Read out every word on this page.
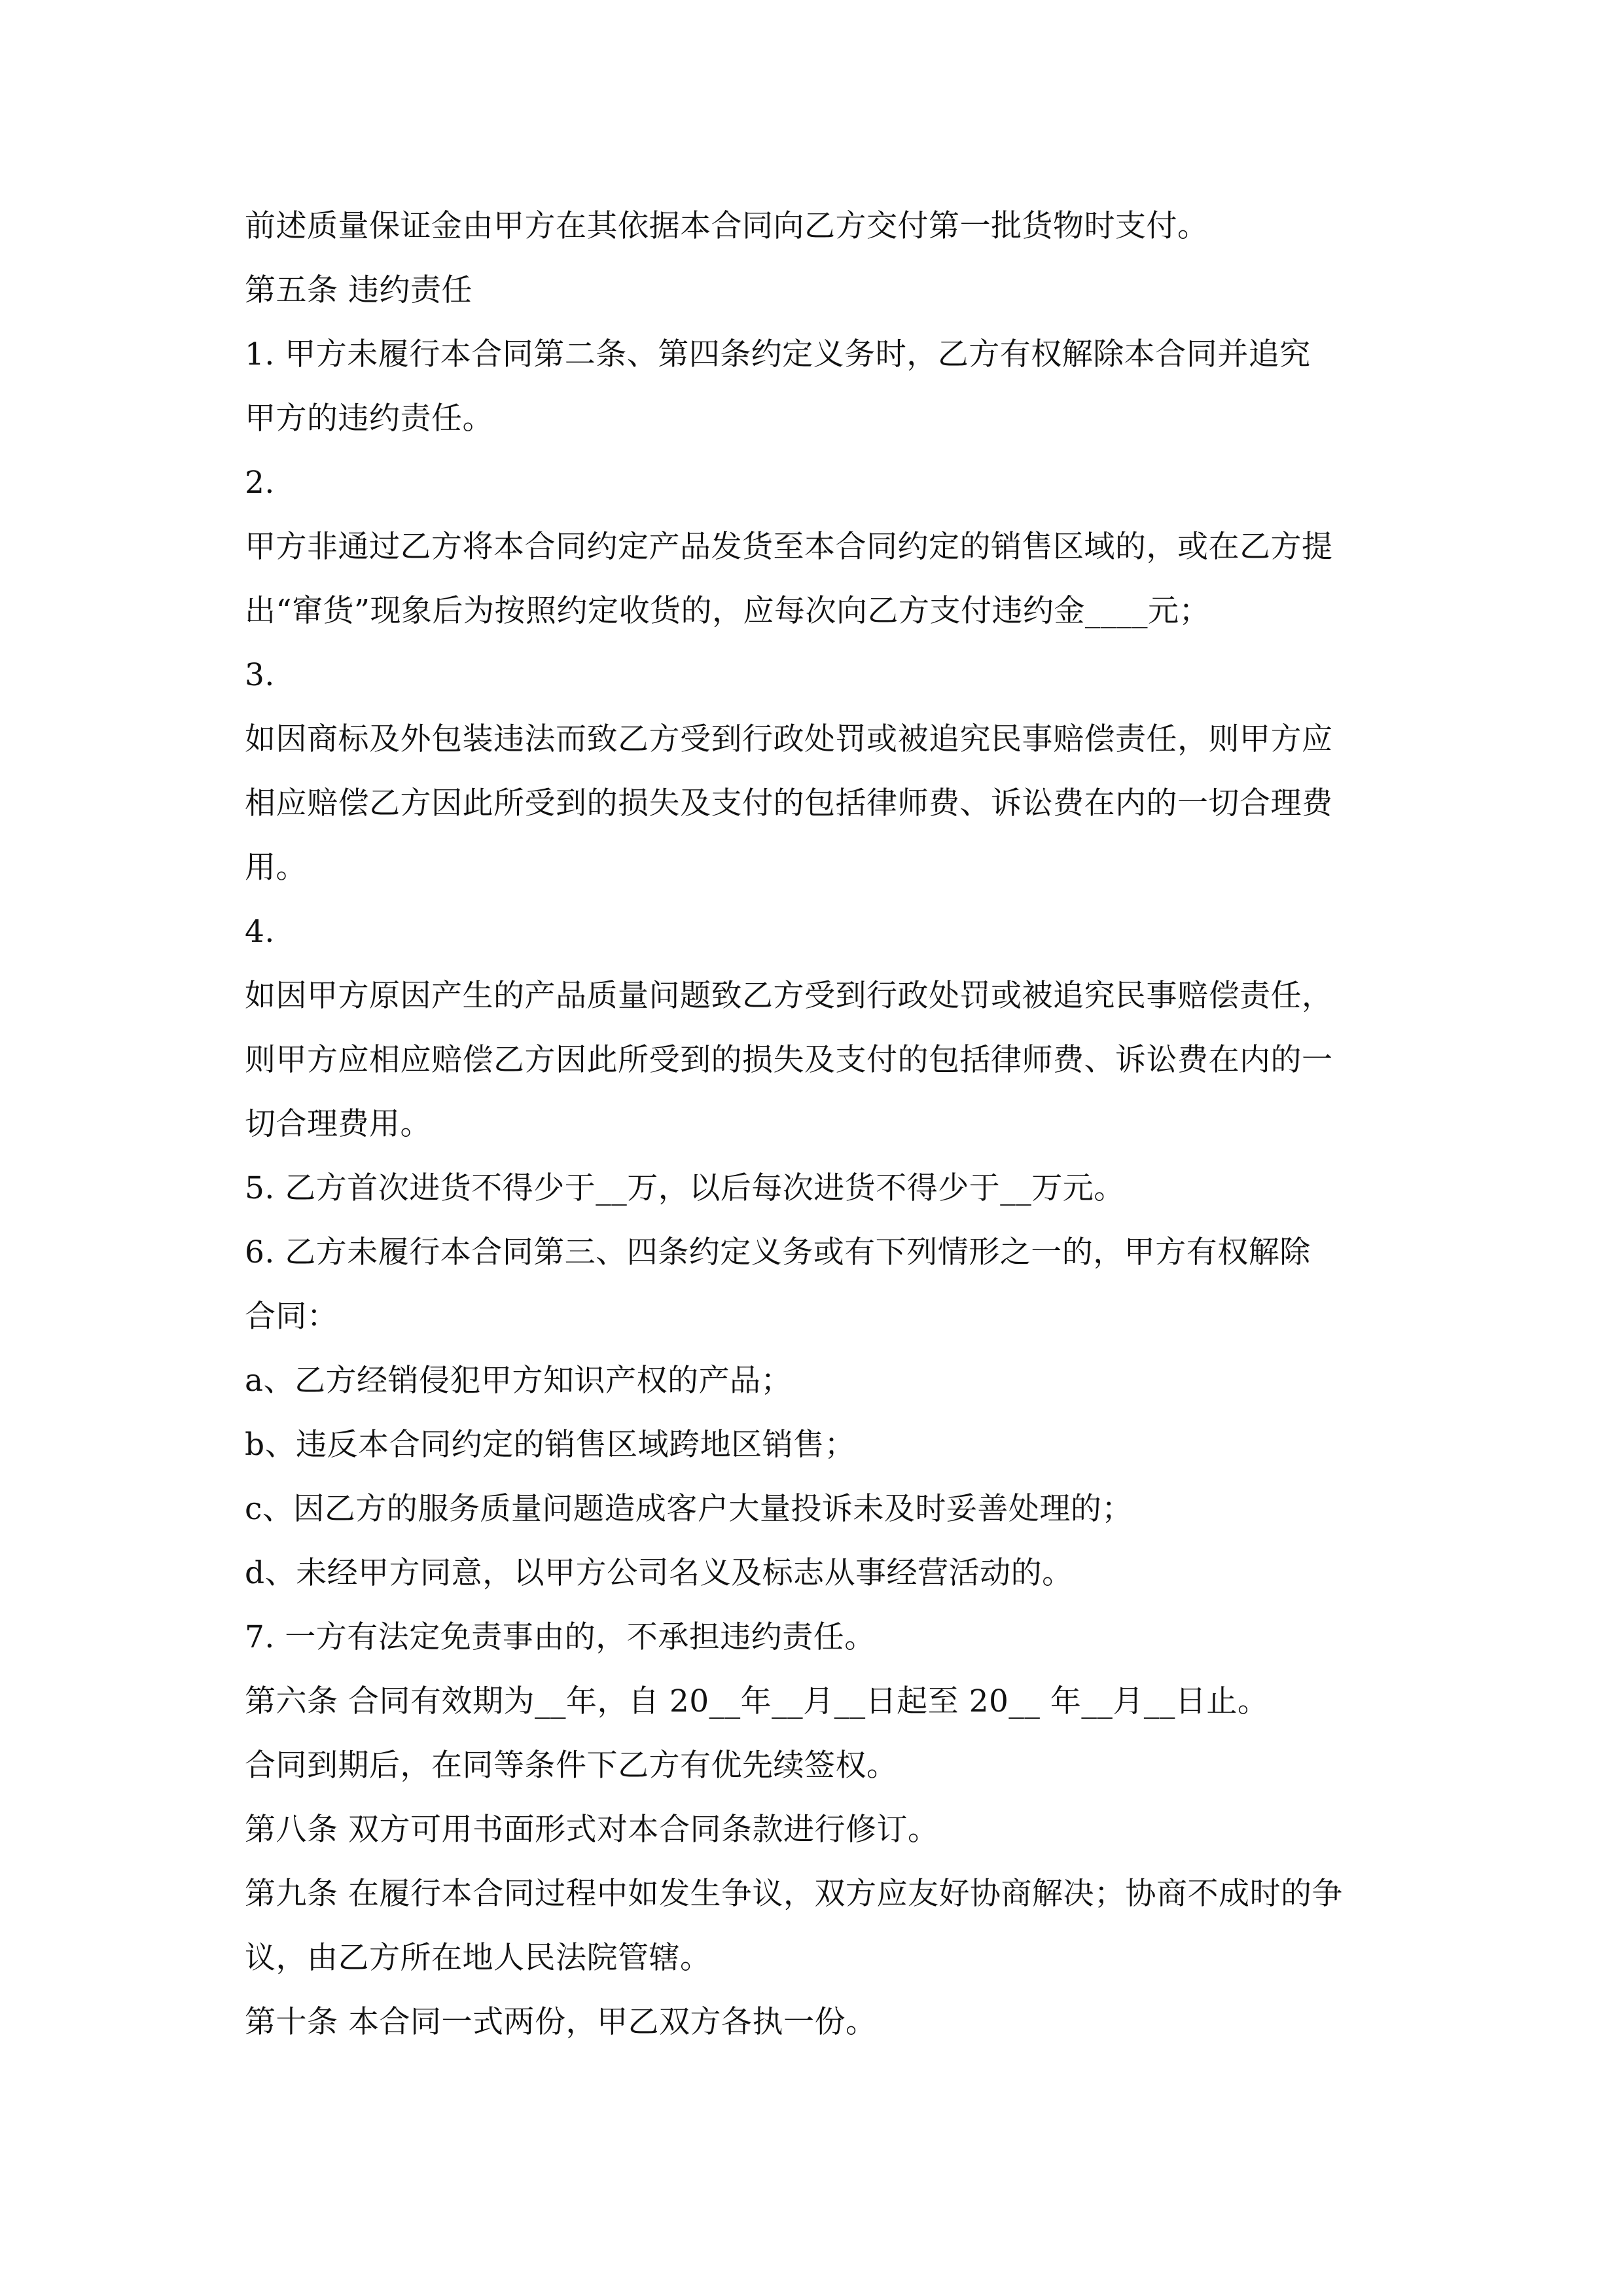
前述质量保证金由甲方在其依据本合同向乙方交付第一批货物时支付。
第五条 违约责任
1. 甲方未履行本合同第二条、第四条约定义务时，乙方有权解除本合同并追究
甲方的违约责任。
2.
甲方非通过乙方将本合同约定产品发货至本合同约定的销售区域的，或在乙方提
出“窜货”现象后为按照约定收货的，应每次向乙方支付违约金____元；
3.
如因商标及外包装违法而致乙方受到行政处罚或被追究民事赔偿责任，则甲方应
相应赔偿乙方因此所受到的损失及支付的包括律师费、诉讼费在内的一切合理费
用。
4.
如因甲方原因产生的产品质量问题致乙方受到行政处罚或被追究民事赔偿责任，
则甲方应相应赔偿乙方因此所受到的损失及支付的包括律师费、诉讼费在内的一
切合理费用。
5. 乙方首次进货不得少于__万，以后每次进货不得少于__万元。
6. 乙方未履行本合同第三、四条约定义务或有下列情形之一的，甲方有权解除
合同：
a、乙方经销侵犯甲方知识产权的产品；
b、违反本合同约定的销售区域跨地区销售；
c、因乙方的服务质量问题造成客户大量投诉未及时妥善处理的；
d、未经甲方同意，以甲方公司名义及标志从事经营活动的。
7. 一方有法定免责事由的，不承担违约责任。
第六条 合同有效期为__年，自 20__年__月__日起至 20__ 年__月__日止。
合同到期后，在同等条件下乙方有优先续签权。
第八条 双方可用书面形式对本合同条款进行修订。
第九条 在履行本合同过程中如发生争议，双方应友好协商解决；协商不成时的争
议，由乙方所在地人民法院管辖。
第十条 本合同一式两份，甲乙双方各执一份。
